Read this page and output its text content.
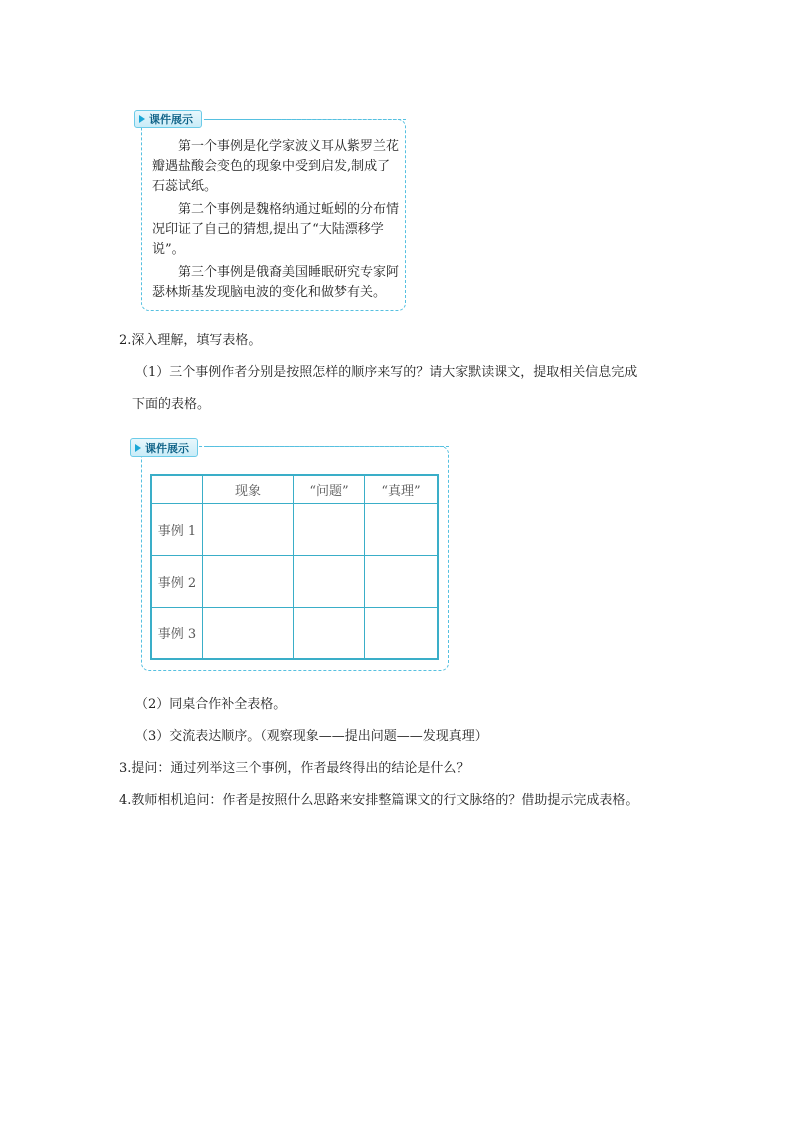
课件展示
第一个事例是化学家波义耳从紫罗兰花
瓣遇盐酸会变色的现象中受到启发,制成了
石蕊试纸。
第二个事例是魏格纳通过蚯蚓的分布情
况印证了自己的猜想,提出了“大陆漂移学
说”。
第三个事例是俄裔美国睡眠研究专家阿
瑟林斯基发现脑电波的变化和做梦有关。
2.深入理解，填写表格。
（1）三个事例作者分别是按照怎样的顺序来写的？请大家默读课文，提取相关信息完成
下面的表格。
课件展示
	现象	“问题”	“真理”
事例 1			
事例 2			
事例 3			
（2）同桌合作补全表格。
（3）交流表达顺序。（观察现象——提出问题——发现真理）
3.提问：通过列举这三个事例，作者最终得出的结论是什么？
4.教师相机追问：作者是按照什么思路来安排整篇课文的行文脉络的？借助提示完成表格。
